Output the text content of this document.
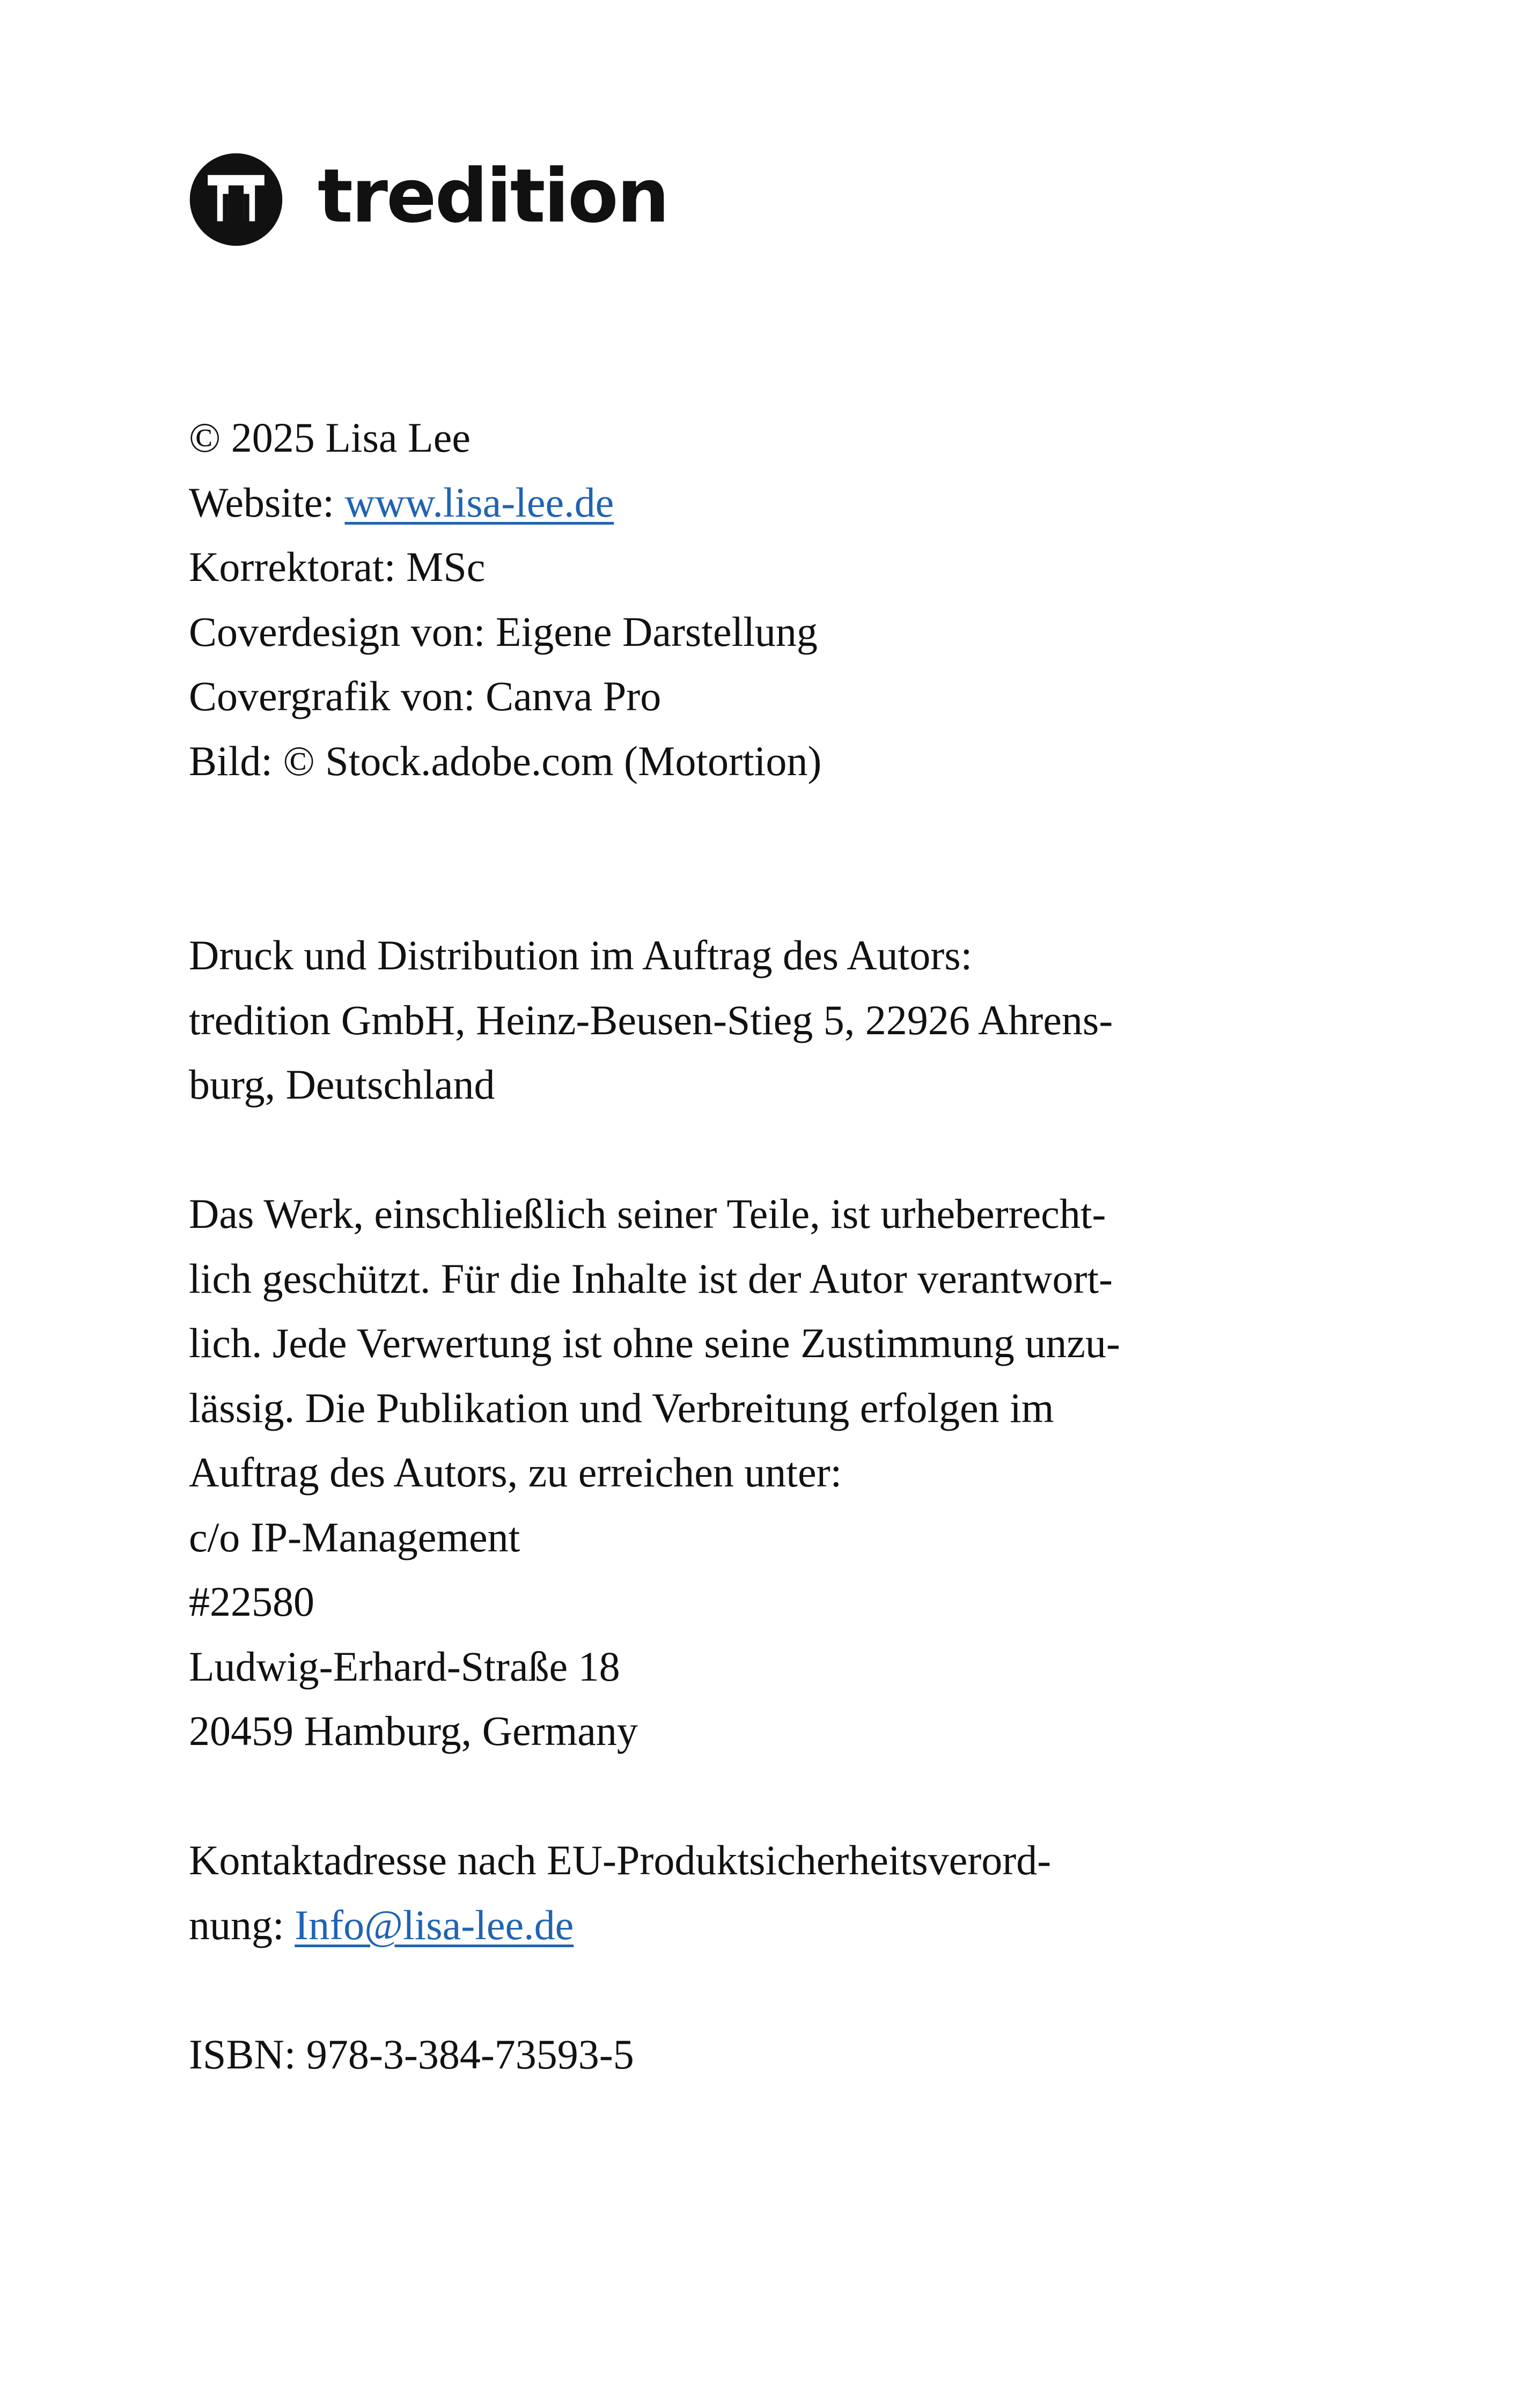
tredition
© 2025 Lisa Lee
Website: www.lisa-lee.de
Korrektorat: MSc
Coverdesign von: Eigene Darstellung
Covergrafik von: Canva Pro
Bild: © Stock.adobe.com (Motortion)
Druck und Distribution im Auftrag des Autors:
tredition GmbH, Heinz-Beusen-Stieg 5, 22926 Ahrens-
burg, Deutschland
Das Werk, einschließlich seiner Teile, ist urheberrecht-
lich geschützt. Für die Inhalte ist der Autor verantwort-
lich. Jede Verwertung ist ohne seine Zustimmung unzu-
lässig. Die Publikation und Verbreitung erfolgen im
Auftrag des Autors, zu erreichen unter:
c/o IP-Management
#22580
Ludwig-Erhard-Straße 18
20459 Hamburg, Germany
Kontaktadresse nach EU-Produktsicherheitsverord-
nung: Info@lisa-lee.de
ISBN: 978-3-384-73593-5
